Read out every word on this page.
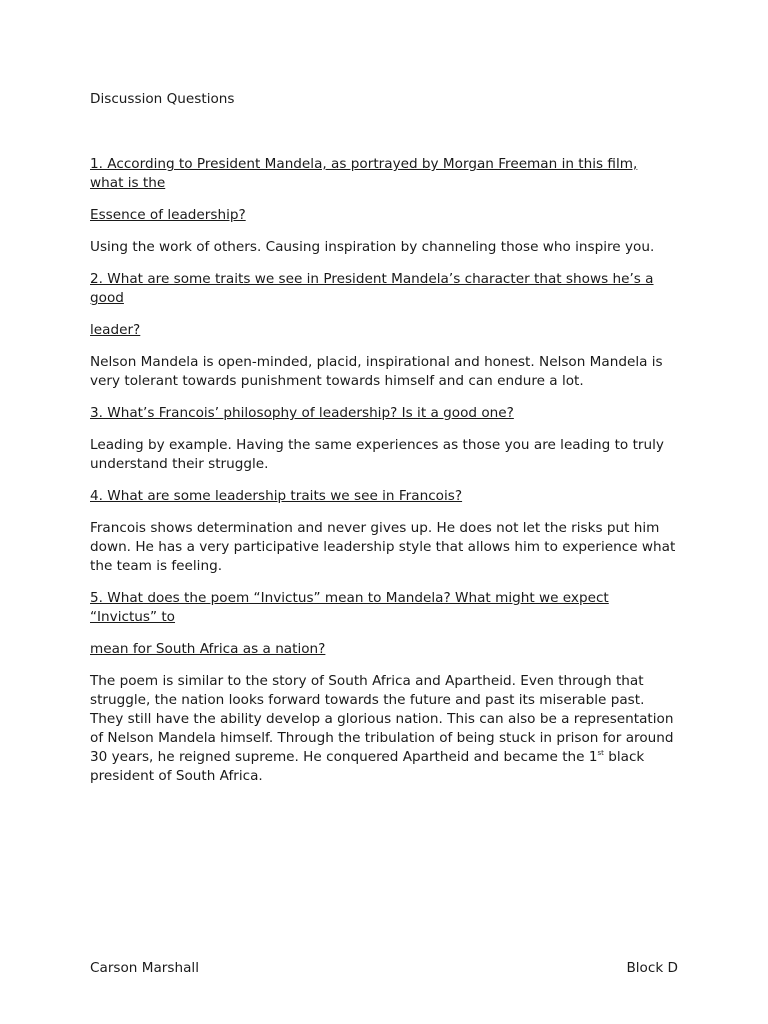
Discussion Questions

1. According to President Mandela, as portrayed by Morgan Freeman in this film, what is the

Essence of leadership?

Using the work of others. Causing inspiration by channeling those who inspire you.

2. What are some traits we see in President Mandela’s character that shows he’s a good

leader?

Nelson Mandela is open-minded, placid, inspirational and honest. Nelson Mandela is very tolerant towards punishment towards himself and can endure a lot.

3. What’s Francois’ philosophy of leadership? Is it a good one?

Leading by example. Having the same experiences as those you are leading to truly understand their struggle.

4. What are some leadership traits we see in Francois?

Francois shows determination and never gives up. He does not let the risks put him down. He has a very participative leadership style that allows him to experience what the team is feeling.

5. What does the poem “Invictus” mean to Mandela? What might we expect “Invictus” to

mean for South Africa as a nation?

The poem is similar to the story of South Africa and Apartheid. Even through that struggle, the nation looks forward towards the future and past its miserable past. They still have the ability develop a glorious nation. This can also be a representation of Nelson Mandela himself. Through the tribulation of being stuck in prison for around 30 years, he reigned supreme. He conquered Apartheid and became the 1st black president of South Africa.

Carson Marshall	Block D
